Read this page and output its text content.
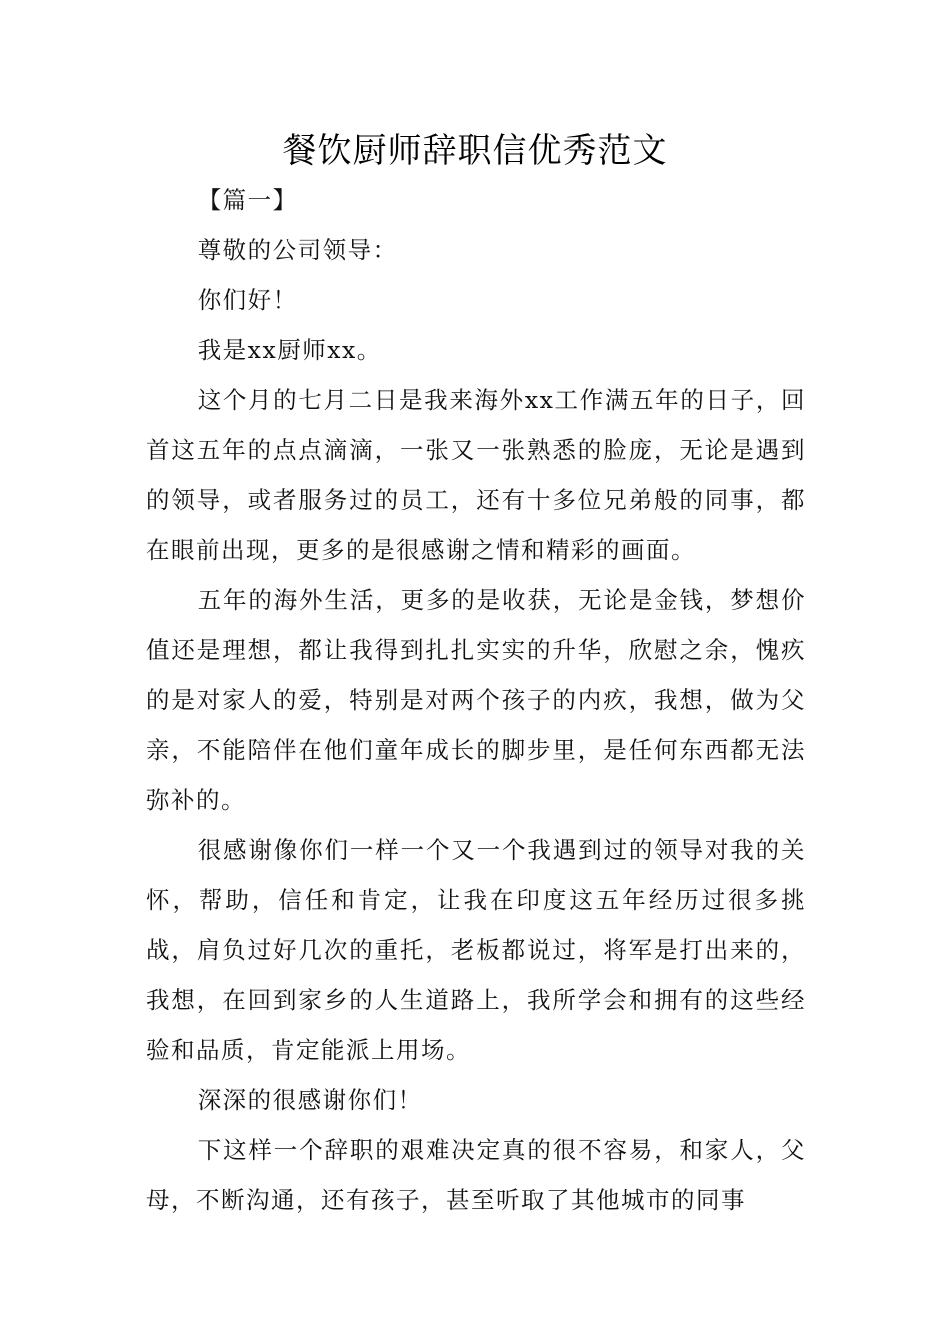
餐饮厨师辞职信优秀范文

【篇一】

尊敬的公司领导：

你们好！

我是xx厨师xx。

这个月的七月二日是我来海外xx工作满五年的日子，回首这五年的点点滴滴，一张又一张熟悉的脸庞，无论是遇到的领导，或者服务过的员工，还有十多位兄弟般的同事，都在眼前出现，更多的是很感谢之情和精彩的画面。

五年的海外生活，更多的是收获，无论是金钱，梦想价值还是理想，都让我得到扎扎实实的升华，欣慰之余，愧疚的是对家人的爱，特别是对两个孩子的内疚，我想，做为父亲，不能陪伴在他们童年成长的脚步里，是任何东西都无法弥补的。

很感谢像你们一样一个又一个我遇到过的领导对我的关怀，帮助，信任和肯定，让我在印度这五年经历过很多挑战，肩负过好几次的重托，老板都说过，将军是打出来的，我想，在回到家乡的人生道路上，我所学会和拥有的这些经验和品质，肯定能派上用场。

深深的很感谢你们！

下这样一个辞职的艰难决定真的很不容易，和家人，父母，不断沟通，还有孩子，甚至听取了其他城市的同事
